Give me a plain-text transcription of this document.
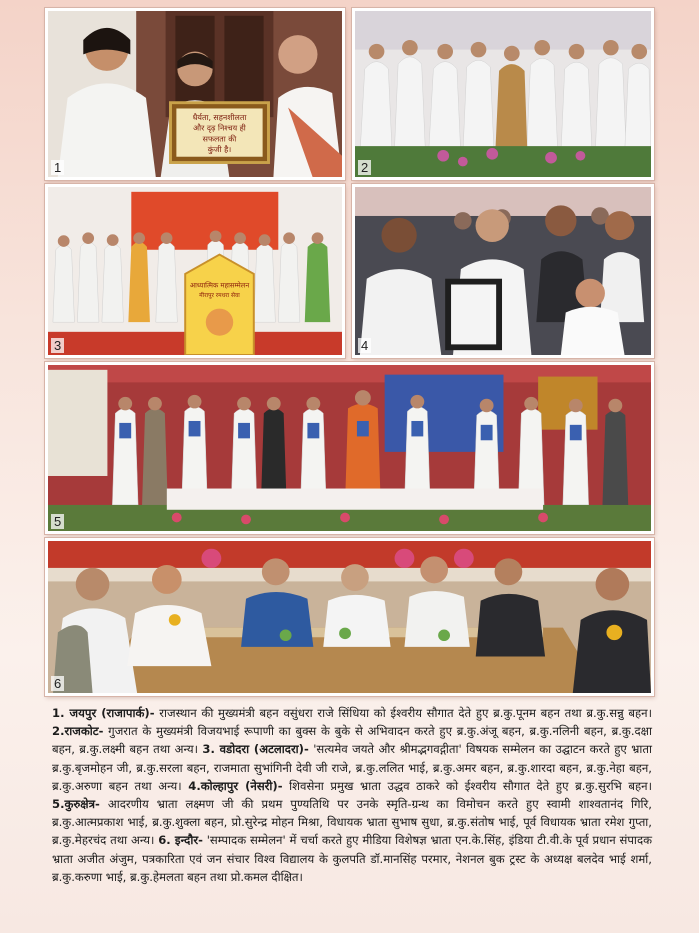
धैर्यता, सहनशीलता
और दृढ़ निश्चय ही
सफलता की
कुंजी है।
1	2
आध्यात्मिक महासम्मेलन
मीरापुर रमधरा सेवा
3	4
5
6
1. जयपुर (राजापार्क)- राजस्थान की मुख्यमंत्री बहन वसुंधरा राजे सिंधिया को ईश्वरीय सौगात देते हुए ब्र.कु.पूनम बहन तथा ब्र.कु.सन्नु बहन। 2.राजकोट- गुजरात के मुख्यमंत्री विजयभाई रूपाणी का बुक्स के बुके से अभिवादन करते हुए ब्र.कु.अंजू बहन, ब्र.कु.नलिनी बहन, ब्र.कु.दक्षा बहन, ब्र.कु.लक्ष्मी बहन तथा अन्य। 3. वडोदरा (अटलादरा)- 'सत्यमेव जयते और श्रीमद्भगवद्गीता' विषयक सम्मेलन का उद्घाटन करते हुए भ्राता ब्र.कु.बृजमोहन जी, ब्र.कु.सरला बहन, राजमाता सुभांगिनी देवी जी राजे, ब्र.कु.ललित भाई, ब्र.कु.अमर बहन, ब्र.कु.शारदा बहन, ब्र.कु.नेहा बहन, ब्र.कु.अरुणा बहन तथा अन्य। 4.कोल्हापुर (नेसरी)- शिवसेना प्रमुख भ्राता उद्धव ठाकरे को ईश्वरीय सौगात देते हुए ब्र.कु.सुरभि बहन। 5.कुरुक्षेत्र- आदरणीय भ्राता लक्ष्मण जी की प्रथम पुण्यतिथि पर उनके स्मृति-ग्रन्थ का विमोचन करते हुए स्वामी शाश्वतानंद गिरि, ब्र.कु.आत्मप्रकाश भाई, ब्र.कु.शुक्ला बहन, प्रो.सुरेन्द्र मोहन मिश्रा, विधायक भ्राता सुभाष सुधा, ब्र.कु.संतोष भाई, पूर्व विधायक भ्राता रमेश गुप्ता, ब्र.कु.मेहरचंद तथा अन्य। 6. इन्दौर- 'सम्पादक सम्मेलन' में चर्चा करते हुए मीडिया विशेषज्ञ भ्राता एन.के.सिंह, इंडिया टी.वी.के पूर्व प्रधान संपादक भ्राता अजीत अंजुम, पत्रकारिता एवं जन संचार विश्व विद्यालय के कुलपति डॉ.मानसिंह परमार, नेशनल बुक ट्रस्ट के अध्यक्ष बलदेव भाई शर्मा, ब्र.कु.करुणा भाई, ब्र.कु.हेमलता बहन तथा प्रो.कमल दीक्षित।
